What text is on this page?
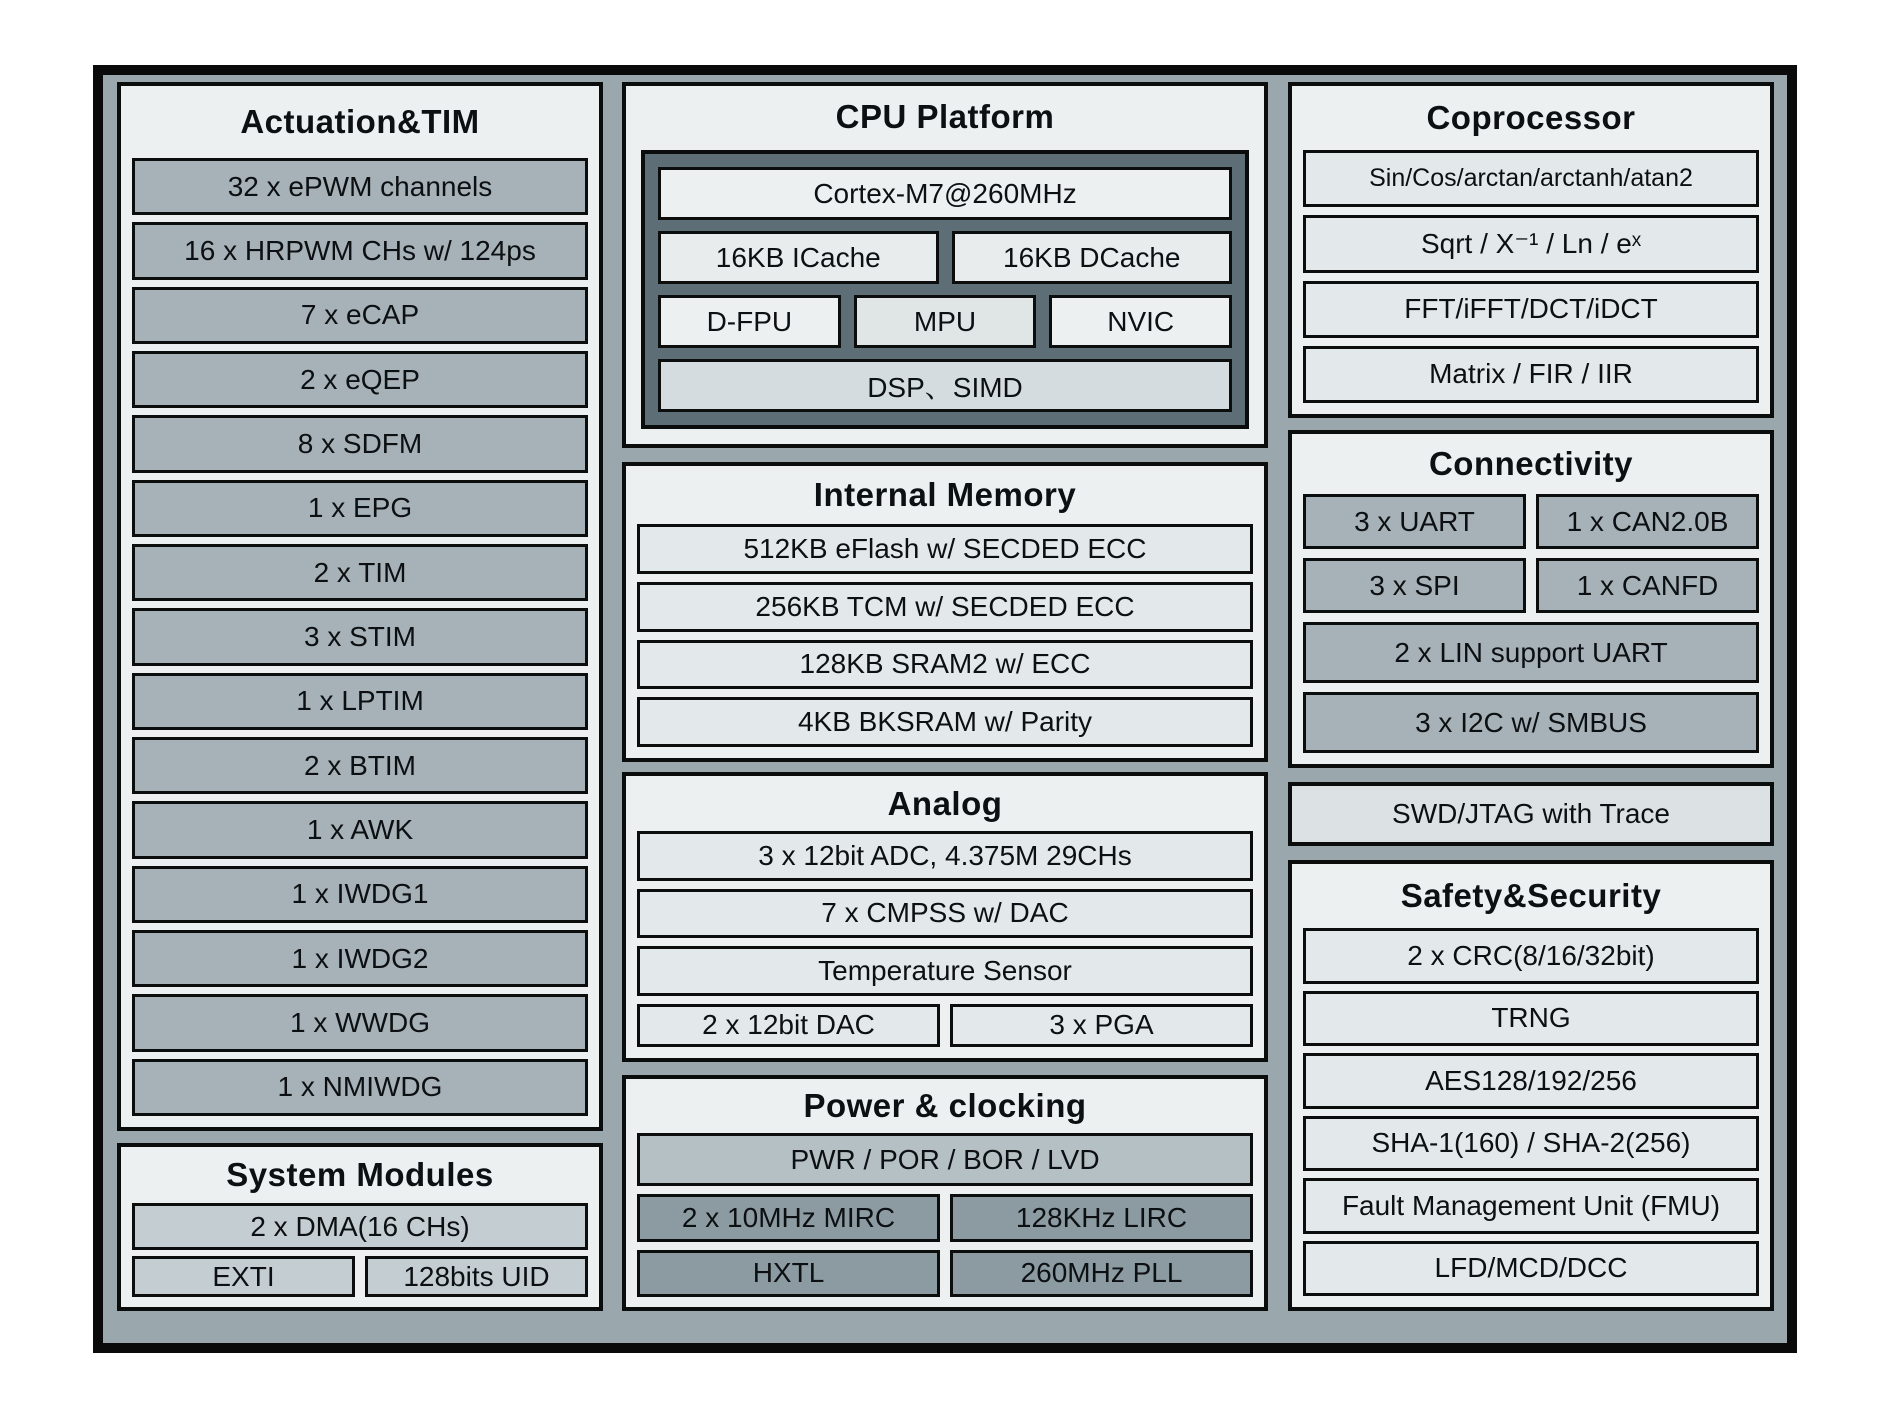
Actuation&TIM
32 x ePWM channels
16 x HRPWM CHs w/ 124ps
7 x eCAP
2 x eQEP
8 x SDFM
1 x EPG
2 x TIM
3 x STIM
1 x LPTIM
2 x BTIM
1 x AWK
1 x IWDG1
1 x IWDG2
1 x WWDG
1 x NMIWDG
System Modules
2 x DMA(16 CHs)
EXTI	128bits UID
CPU Platform
Cortex-M7@260MHz
16KB ICache	16KB DCache
D-FPU	MPU	NVIC
DSP、SIMD
Internal Memory
512KB eFlash w/ SECDED ECC
256KB TCM w/ SECDED ECC
128KB SRAM2 w/ ECC
4KB BKSRAM w/ Parity
Analog
3 x 12bit ADC, 4.375M 29CHs
7 x CMPSS w/ DAC
Temperature Sensor
2 x 12bit DAC	3 x PGA
Power & clocking
PWR / POR / BOR / LVD
2 x 10MHz MIRC	128KHz LIRC
HXTL	260MHz PLL
Coprocessor
Sin/Cos/arctan/arctanh/atan2
Sqrt / X⁻¹ / Ln / eˣ
FFT/iFFT/DCT/iDCT
Matrix / FIR / IIR
Connectivity
3 x UART	1 x CAN2.0B
3 x SPI	1 x CANFD
2 x LIN support UART
3 x I2C w/ SMBUS
SWD/JTAG with Trace
Safety&Security
2 x CRC(8/16/32bit)
TRNG
AES128/192/256
SHA-1(160) / SHA-2(256)
Fault Management Unit (FMU)
LFD/MCD/DCC
